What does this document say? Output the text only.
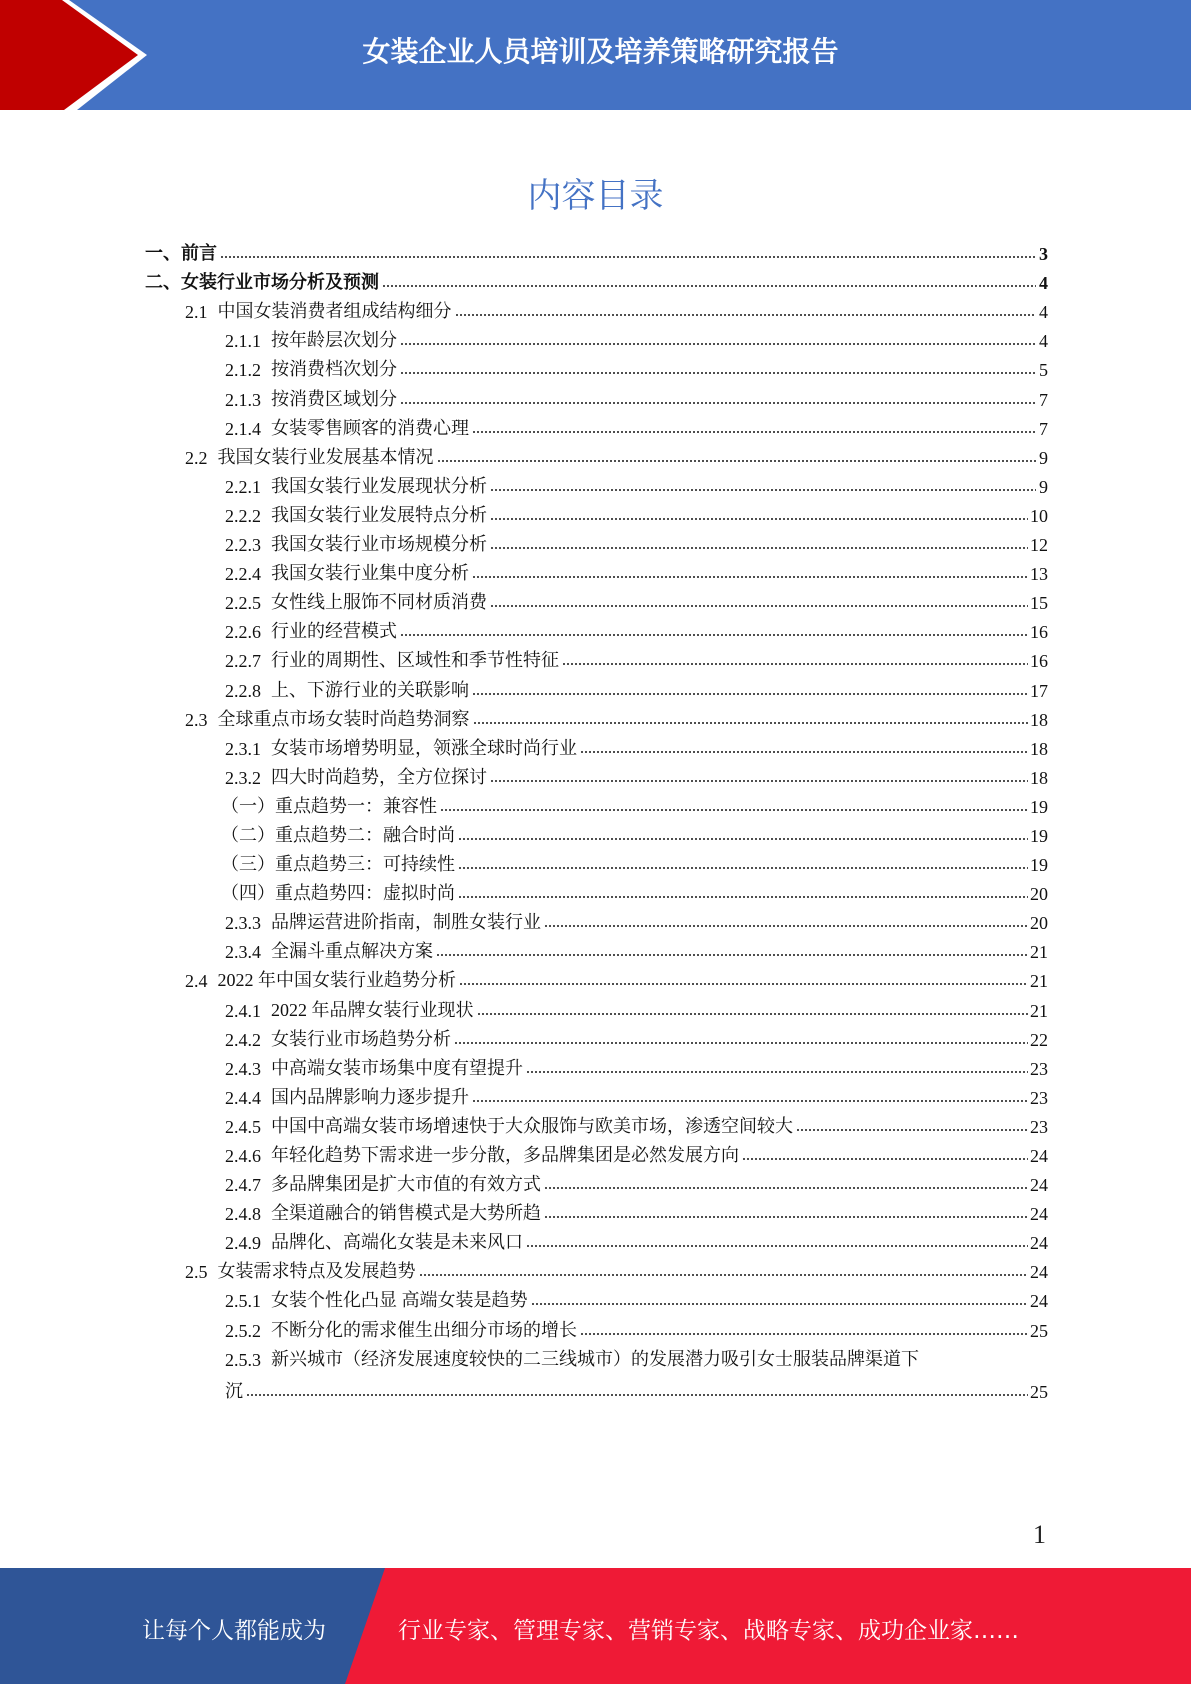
女装企业人员培训及培养策略研究报告
内容目录
一、 前言	3
二、 女装行业市场分析及预测	4
2.1 中国女装消费者组成结构细分	4
2.1.1 按年龄层次划分	4
2.1.2 按消费档次划分	5
2.1.3 按消费区域划分	7
2.1.4 女装零售顾客的消费心理	7
2.2 我国女装行业发展基本情况	9
2.2.1 我国女装行业发展现状分析	9
2.2.2 我国女装行业发展特点分析	10
2.2.3 我国女装行业市场规模分析	12
2.2.4 我国女装行业集中度分析	13
2.2.5 女性线上服饰不同材质消费	15
2.2.6 行业的经营模式	16
2.2.7 行业的周期性、区域性和季节性特征	16
2.2.8 上、下游行业的关联影响	17
2.3 全球重点市场女装时尚趋势洞察	18
2.3.1 女装市场增势明显，领涨全球时尚行业	18
2.3.2 四大时尚趋势，全方位探讨	18
（一） 重点趋势一：兼容性	19
（二） 重点趋势二：融合时尚	19
（三） 重点趋势三：可持续性	19
（四） 重点趋势四：虚拟时尚	20
2.3.3 品牌运营进阶指南，制胜女装行业	20
2.3.4 全漏斗重点解决方案	21
2.4 2022 年中国女装行业趋势分析	21
2.4.1 2022 年品牌女装行业现状	21
2.4.2 女装行业市场趋势分析	22
2.4.3 中高端女装市场集中度有望提升	23
2.4.4 国内品牌影响力逐步提升	23
2.4.5 中国中高端女装市场增速快于大众服饰与欧美市场，渗透空间较大	23
2.4.6 年轻化趋势下需求进一步分散，多品牌集团是必然发展方向	24
2.4.7 多品牌集团是扩大市值的有效方式	24
2.4.8 全渠道融合的销售模式是大势所趋	24
2.4.9 品牌化、高端化女装是未来风口	24
2.5 女装需求特点及发展趋势	24
2.5.1 女装个性化凸显 高端女装是趋势	24
2.5.2 不断分化的需求催生出细分市场的增长	25
2.5.3 新兴城市（经济发展速度较快的二三线城市）的发展潜力吸引女士服装品牌渠道下
沉	25
1
让每个人都能成为	行业专家、管理专家、营销专家、战略专家、成功企业家……
